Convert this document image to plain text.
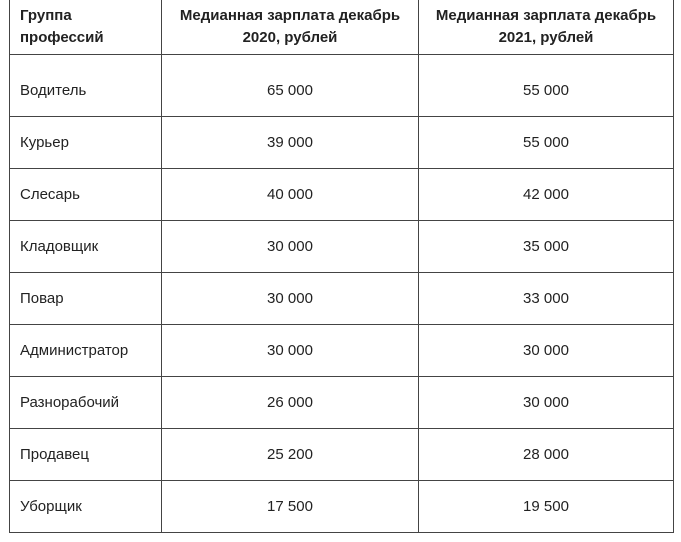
Группа профессий	Медианная зарплата декабрь 2020, рублей	Медианная зарплата декабрь 2021, рублей
Водитель	65 000	55 000
Курьер	39 000	55 000
Слесарь	40 000	42 000
Кладовщик	30 000	35 000
Повар	30 000	33 000
Администратор	30 000	30 000
Разнорабочий	26 000	30 000
Продавец	25 200	28 000
Уборщик	17 500	19 500
